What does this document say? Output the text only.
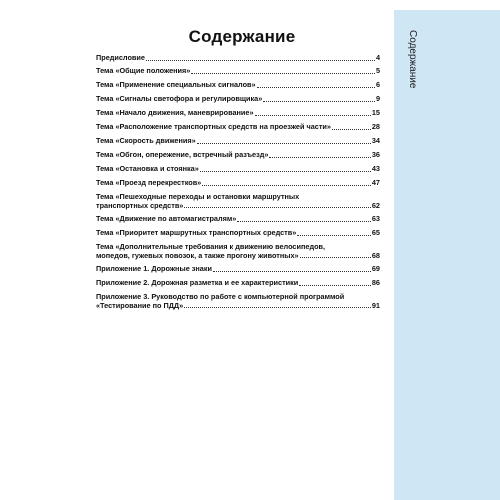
Содержание
Содержание
Предисловие	4
Тема «Общие положения»	5
Тема «Применение специальных сигналов»	6
Тема «Сигналы светофора и регулировщика»	9
Тема «Начало движения, маневрирование»	15
Тема «Расположение транспортных средств на проезжей части»	28
Тема «Скорость движения»	34
Тема «Обгон, опережение, встречный разъезд»	36
Тема «Остановка и стоянка»	43
Тема «Проезд перекрестков»	47
Тема «Пешеходные переходы и остановки маршрутных
транспортных средств»	62
Тема «Движение по автомагистралям»	63
Тема «Приоритет маршрутных транспортных средств»	65
Тема «Дополнительные требования к движению велосипедов,
мопедов, гужевых повозок, а также прогону животных»	68
Приложение 1. Дорожные знаки	69
Приложение 2. Дорожная разметка и ее характеристики	86
Приложение 3. Руководство по работе с компьютерной программой
«Тестирование по ПДД»	91
